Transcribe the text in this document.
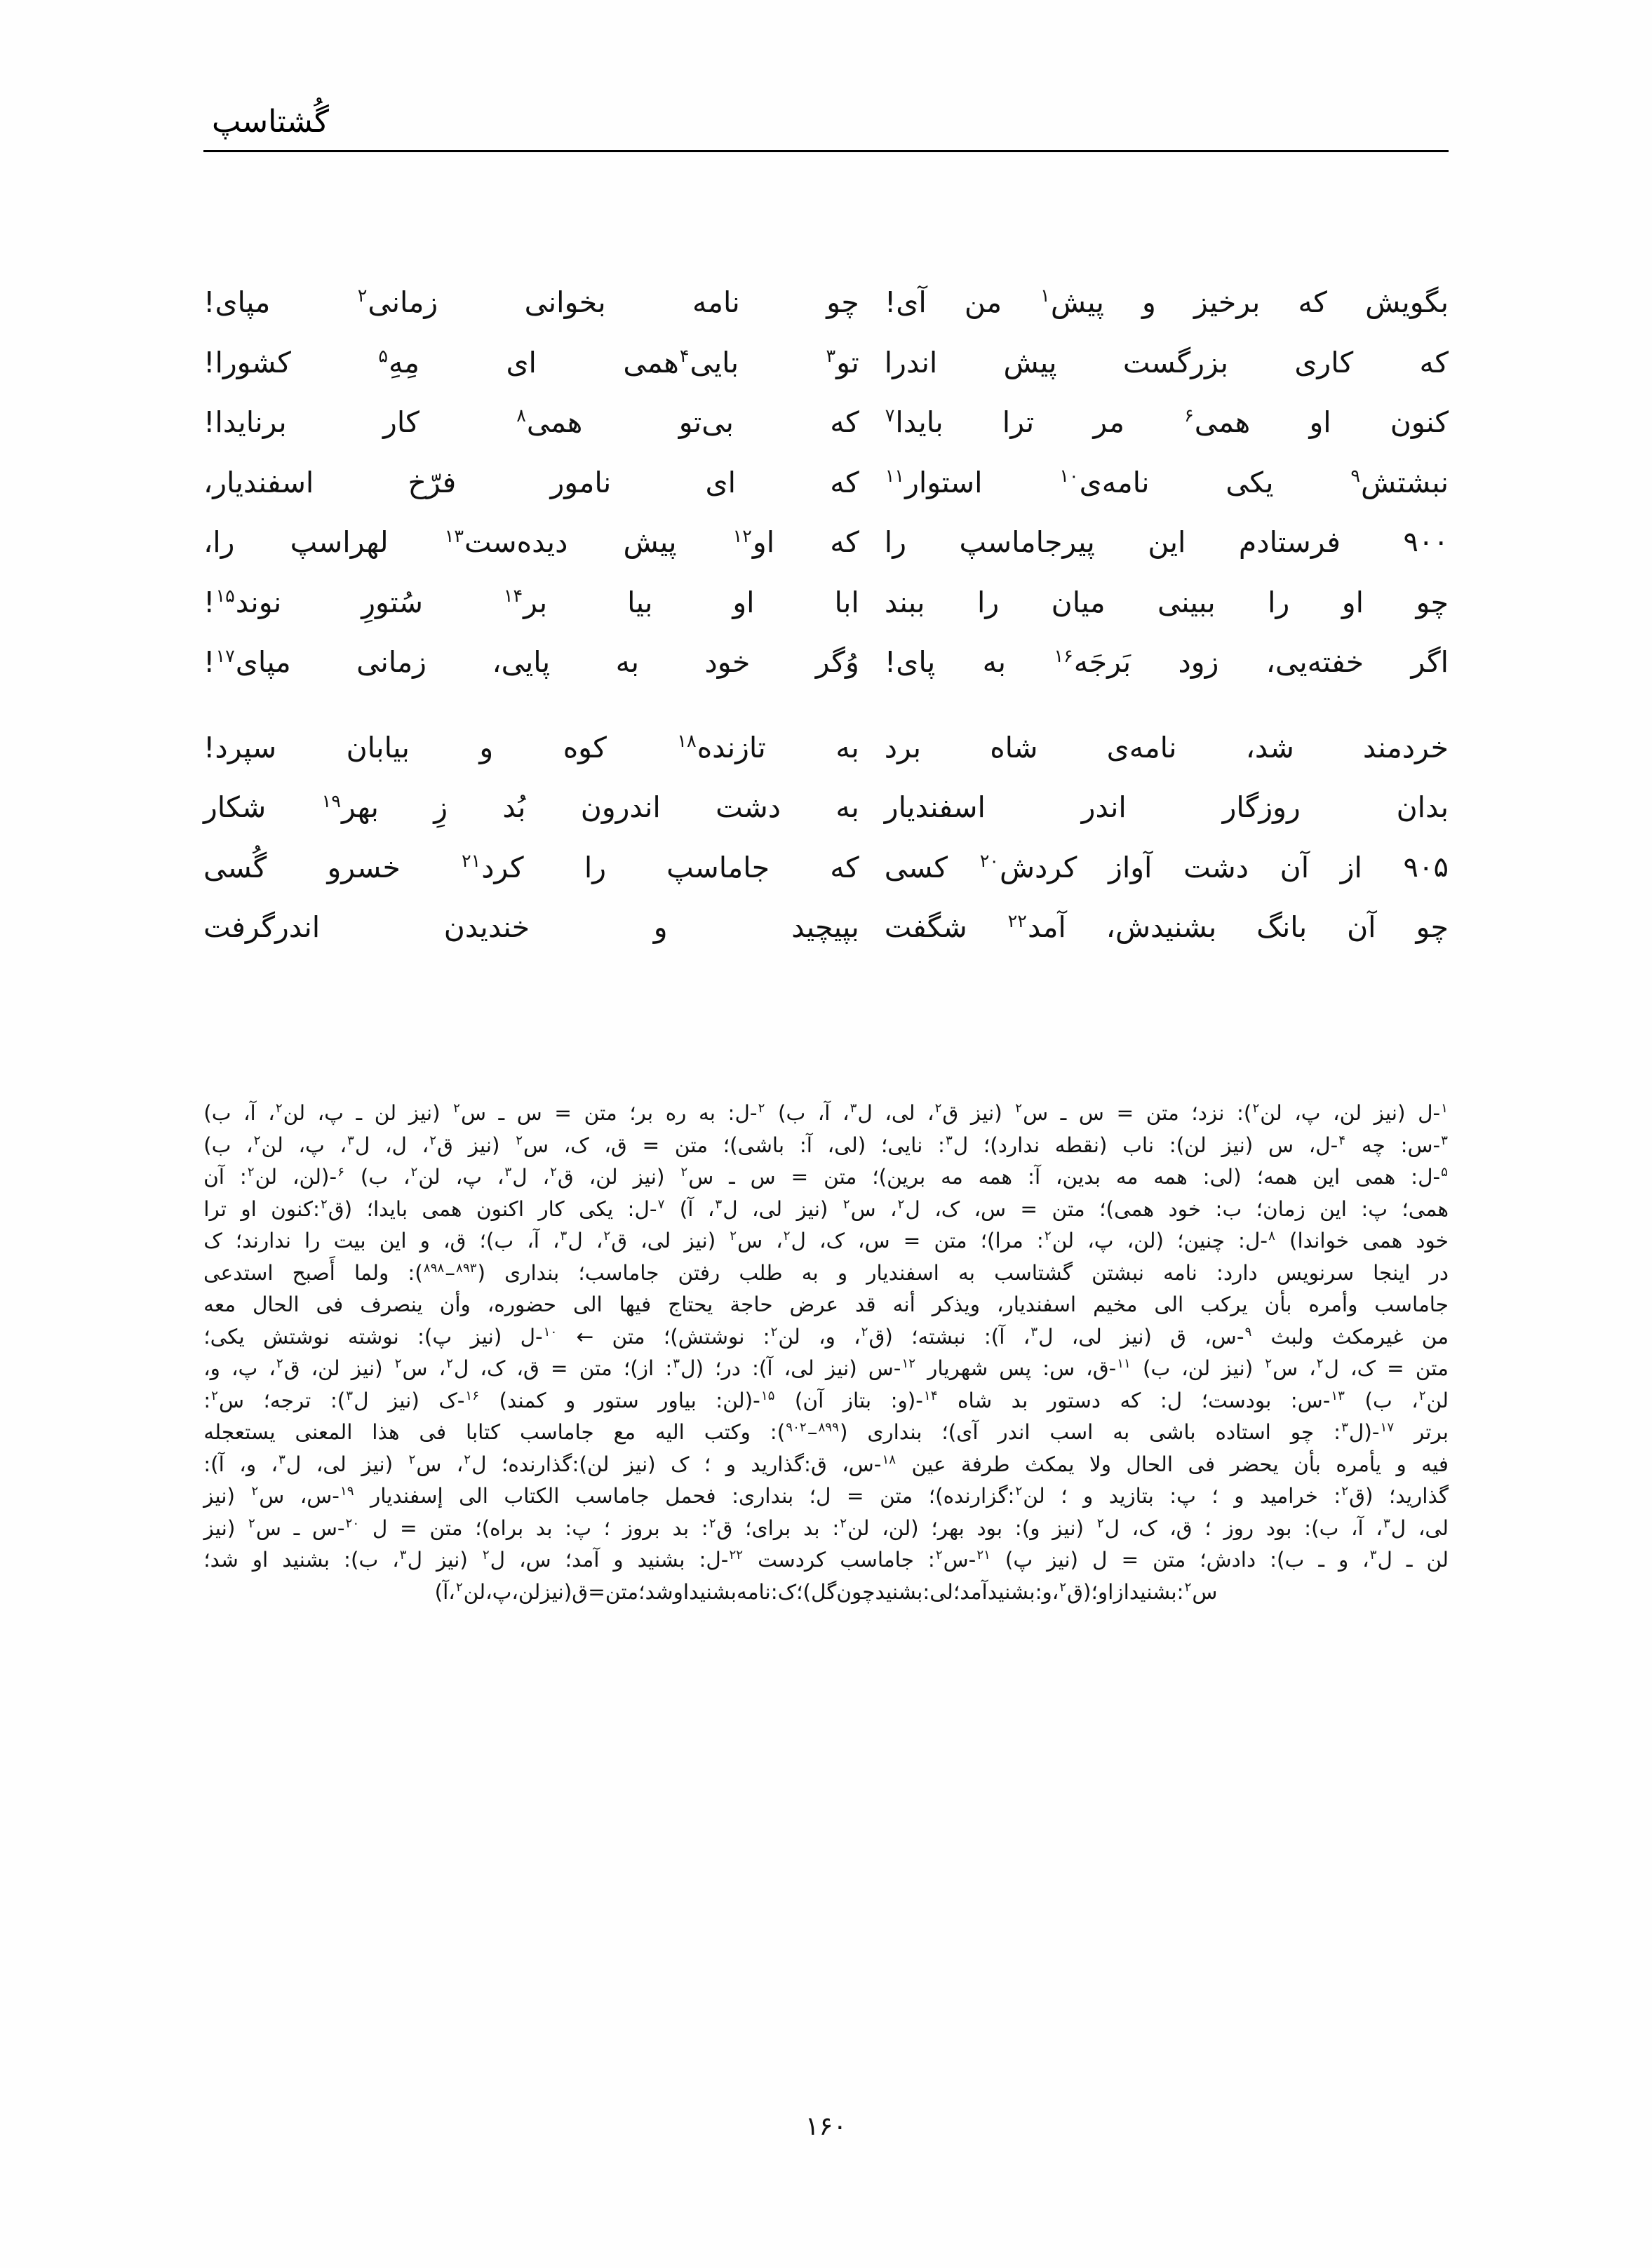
گُشتاسپ
بگویش
که
برخیز
و
پیش$^۱$
من
آی!
چو
نامه
بخوانی
زمانی$^۲$
مپای!
که
کاری
بزرگست
پیش
اندرا
تو$^۳$
بایی$^۴$همی
ای
مِهِ$^۵$
کشورا!
کنون
او
همی$^۶$
مر
ترا
بایدا$^۷$
که
بی‌تو
همی$^۸$
کار
برنایدا!
نبشتش$^۹$
یکی
نامه‌ی$^{۱۰}$
استوار$^{۱۱}$
که
ای
نامور
فرّخ
اسفندیار،
۹۰۰
فرستادم
این
پیرجاماسپ
را
که
او$^{۱۲}$
پیش
دیده‌ست$^{۱۳}$
لهراسپ
را،
چو
او
را
ببینی
میان
را
ببند
ابا
او
بیا
بر$^{۱۴}$
سُتورِ
نوند$^{۱۵}$!
اگر
خفته‌یی،
زود
بَرجَه$^{۱۶}$
به
پای!
وُگر
خود
به
پایی،
زمانی
مپای$^{۱۷}$!
خردمند
شد،
نامه‌ی
شاه
برد
به
تازنده$^{۱۸}$
کوه
و
بیابان
سپرد!
بدان
روزگار
اندر
اسفندیار
به
دشت
اندرون
بُد
زِ
بهر$^{۱۹}$
شکار
۹۰۵
از
آن
دشت
آواز
کردش$^{۲۰}$
کسی
که
جاماسپ
را
کرد$^{۲۱}$
خسرو
گُسی
چو
آن
بانگ
بشنیدش،
آمد$^{۲۲}$
شگفت
بپیچید
و
خندیدن
اندرگرفت
$^۱$-ل
(نیز
لن،
پ،
لن$^۲$):
نزد؛
متن
=
س
ـ
س$^۲$
(نیز
ق$^۲$،
لی،
ل$^۳$،
آ،
ب)
$^۲$-ل:
به
ره
بر؛
متن
=
س
ـ
س$^۲$
(نیز
لن
ـ
پ،
لن$^۲$،
آ،
ب)
$^۳$-س:
چه
$^۴$-ل،
س
(نیز
لن):
ناب
(نقطه
ندارد)؛
ل$^۳$:
نایی؛
(لی،
آ:
باشی)؛
متن
=
ق،
ک،
س$^۲$
(نیز
ق$^۲$،
ل،
ل$^۳$،
پ،
لن$^۲$،
ب)
$^۵$-ل:
همی
این
همه؛
(لی:
همه
مه
بدین،
آ:
همه
مه
برین)؛
متن
=
س
ـ
س$^۲$
(نیز
لن،
ق$^۲$،
ل$^۳$،
پ،
لن$^۲$،
ب)
$^۶$-(لن،
لن$^۲$:
آن
همی؛
پ:
این
زمان؛
ب:
خود
همی)؛
متن
=
س،
ک،
ل$^۲$،
س$^۲$
(نیز
لی،
ل$^۳$،
آ)
$^۷$-ل:
یکی
کار
اکنون
همی
بایدا؛
(ق$^۲$:کنون
او
ترا
خود
همی
خواندا)
$^۸$-ل:
چنین؛
(لن،
پ،
لن$^۲$:
مرا)؛
متن
=
س،
ک،
ل$^۲$،
س$^۲$
(نیز
لی،
ق$^۲$،
ل$^۳$،
آ،
ب)؛
ق،
و
این
بیت
را
ندارند؛
ک
در
اینجا
سرنویس
دارد:
نامه
نبشتن
گشتاسب
به
اسفندیار
و
به
طلب
رفتن
جاماسب؛
بنداری
($^{۸۹۳}$–$^{۸۹۸}$):
ولما
أَصبح
استدعی
جاماسب
وأمره
بأن
یرکب
الی
مخیم
اسفندیار،
ویذکر
أنه
قد
عرض
حاجة
یحتاج
فیها
الی
حضوره،
وأن
ینصرف
فی
الحال
معه
من
غیرمکث
ولبث
$^۹$-س،
ق
(نیز
لی،
ل$^۳$،
آ):
نبشته؛
(ق$^۲$،
و،
لن$^۲$:
نوشتش)؛
متن
←
$^{۱۰}$-ل
(نیز
پ):
نوشته
نوشتش
یکی؛
متن
=
ک،
ل$^۲$،
س$^۲$
(نیز
لن،
ب)
$^{۱۱}$-ق،
س:
پس
شهریار
$^{۱۲}$-س
(نیز
لی،
آ):
در؛
(ل$^۳$:
از)؛
متن
=
ق،
ک،
ل$^۲$،
س$^۲$
(نیز
لن،
ق$^۲$،
پ،
و،
لن$^۲$،
ب)
$^{۱۳}$-س:
بودست؛
ل:
که
دستور
بد
شاه
$^{۱۴}$-(و:
بتاز
آن)
$^{۱۵}$-(لن:
بیاور
ستور
و
کمند)
$^{۱۶}$-ک
(نیز
ل$^۳$):
ترجه؛
س$^۲$:
برتر
$^{۱۷}$-(ل$^۳$:
چو
استاده
باشی
به
اسب
اندر
آی)؛
بنداری
($^{۸۹۹}$–$^{۹۰۲}$):
وکتب
الیه
مع
جاماسب
کتابا
فی
هذا
المعنی
یستعجله
فیه
و
یأمره
بأن
یحضر
فی
الحال
ولا
یمکث
طرفة
عین
$^{۱۸}$-س،
ق:گذارید
و
؛
ک
(نیز
لن):گذارنده؛
ل$^۲$،
س$^۲$
(نیز
لی،
ل$^۳$،
و،
آ):
گذارید؛
(ق$^۲$:
خرامید
و
؛
پ:
بتازید
و
؛
لن$^۲$:گزارنده)؛
متن
=
ل؛
بنداری:
فحمل
جاماسب
الکتاب
الی
إسفندیار
$^{۱۹}$-س،
س$^۲$
(نیز
لی،
ل$^۳$،
آ،
ب):
بود
روز
؛
ق،
ک،
ل$^۲$
(نیز
و):
بود
بهر؛
(لن،
لن$^۲$:
بد
برای؛
ق$^۲$:
بد
بروز
؛
پ:
بد
براه)؛
متن
=
ل
$^{۲۰}$-س
ـ
س$^۲$
(نیز
لن
ـ
ل$^۳$،
و
ـ
ب):
دادش؛
متن
=
ل
(نیز
پ)
$^{۲۱}$-س$^۲$:
جاماسب
کردست
$^{۲۲}$-ل:
بشنید
و
آمد؛
س،
ل$^۲$
(نیز
ل$^۳$،
ب):
بشنید
او
شد؛
س$^۲$:
بشنید
از
او
؛
(ق$^۲$،
و:
بشنید
آمد؛
لی:
بشنید
چون
گل)؛
ک:
نامه
بشنید
او
شد؛
متن
=
ق
(نیز
لن،
پ،
لن$^۲$،
آ)
۱۶۰
